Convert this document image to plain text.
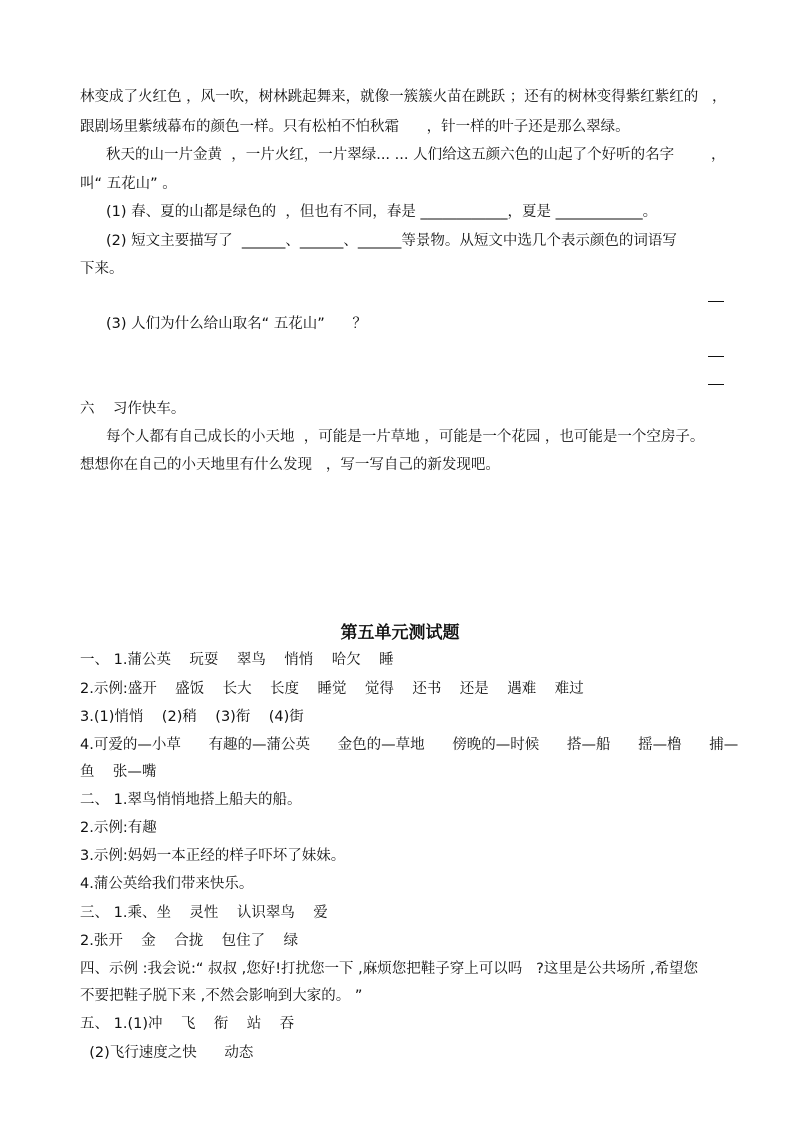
林变成了火红色 ，风一吹，树林跳起舞来，就像一簇簇火苗在跳跃 ；还有的树林变得紫红紫红的   ，
跟剧场里紫绒幕布的颜色一样。只有松柏不怕秋霜      ，针一样的叶子还是那么翠绿。
秋天的山一片金黄  ，一片火红，一片翠绿... ... 人们给这五颜六色的山起了个好听的名字        ，
叫“ 五花山” 。
(1) 春、夏的山都是绿色的  ，但也有不同，春是 ____________，夏是 ____________。
(2) 短文主要描写了  ______、______、______等景物。从短文中选几个表示颜色的词语写
下来。
(3) 人们为什么给山取名“ 五花山”      ？
六    习作快车。
每个人都有自己成长的小天地  ，可能是一片草地 ，可能是一个花园 ，也可能是一个空房子。
想想你在自己的小天地里有什么发现   ，写一写自己的新发现吧。
第五单元测试题
一、 1.蒲公英    玩耍    翠鸟    悄悄    哈欠    睡
2.示例:盛开    盛饭    长大    长度    睡觉    觉得    还书    还是    遇难    难过
3.(1)悄悄    (2)稍    (3)衔    (4)街
4.可爱的—小草      有趣的—蒲公英      金色的—草地      傍晚的—时候      搭—船      摇—橹      捕—
鱼    张—嘴
二、 1.翠鸟悄悄地搭上船夫的船。
2.示例:有趣
3.示例:妈妈一本正经的样子吓坏了妹妹。
4.蒲公英给我们带来快乐。
三、 1.乘、坐    灵性    认识翠鸟    爱
2.张开    金    合拢    包住了    绿
四、示例 :我会说:“ 叔叔 ,您好!打扰您一下 ,麻烦您把鞋子穿上可以吗   ?这里是公共场所 ,希望您
不要把鞋子脱下来 ,不然会影响到大家的。 ”
五、 1.(1)冲    飞    衔    站    吞
(2)飞行速度之快      动态
